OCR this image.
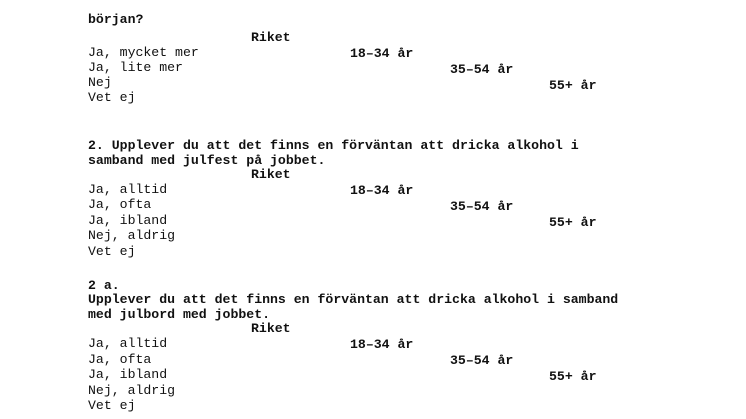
början?

Riket

18–34 år

35–54 år

55+ år

Ja, mycket mer

Ja, lite mer

Nej

Vet ej

2. Upplever du att det finns en förväntan att dricka alkohol i

samband med julfest på jobbet.

Riket

18–34 år

35–54 år

55+ år

Ja, alltid

Ja, ofta

Ja, ibland

Nej, aldrig

Vet ej

2 a.

Upplever du att det finns en förväntan att dricka alkohol i samband

med julbord med jobbet.

Riket

18–34 år

35–54 år

55+ år

Ja, alltid

Ja, ofta

Ja, ibland

Nej, aldrig

Vet ej
